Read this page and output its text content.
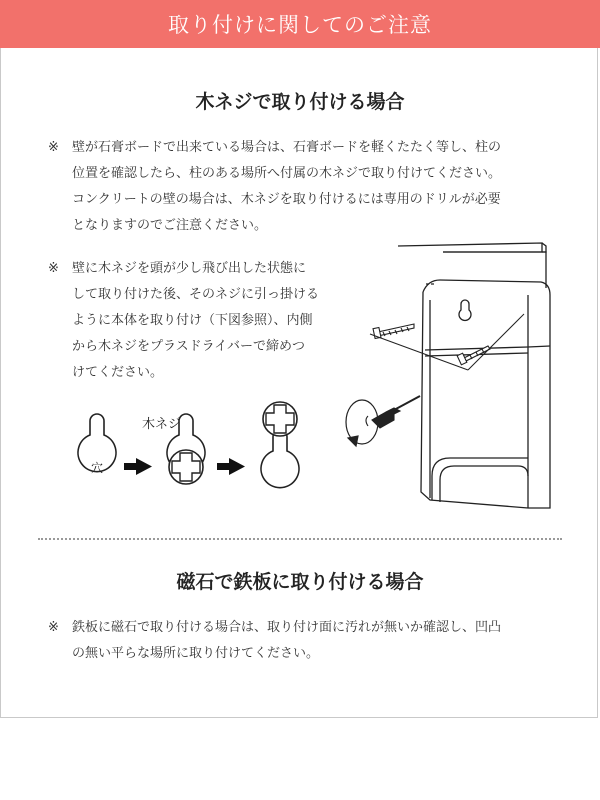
取り付けに関してのご注意
木ネジで取り付ける場合
※ 壁が石膏ボードで出来ている場合は、石膏ボードを軽くたたく等し、柱の
位置を確認したら、柱のある場所へ付属の木ネジで取り付けてください。
コンクリートの壁の場合は、木ネジを取り付けるには専用のドリルが必要
となりますのでご注意ください。
※ 壁に木ネジを頭が少し飛び出した状態に
して取り付けた後、そのネジに引っ掛ける
ように本体を取り付け（下図参照）、内側
から木ネジをプラスドライバーで締めつ
けてください。
穴
木ネジ
磁石で鉄板に取り付ける場合
※ 鉄板に磁石で取り付ける場合は、取り付け面に汚れが無いか確認し、凹凸
の無い平らな場所に取り付けてください。
